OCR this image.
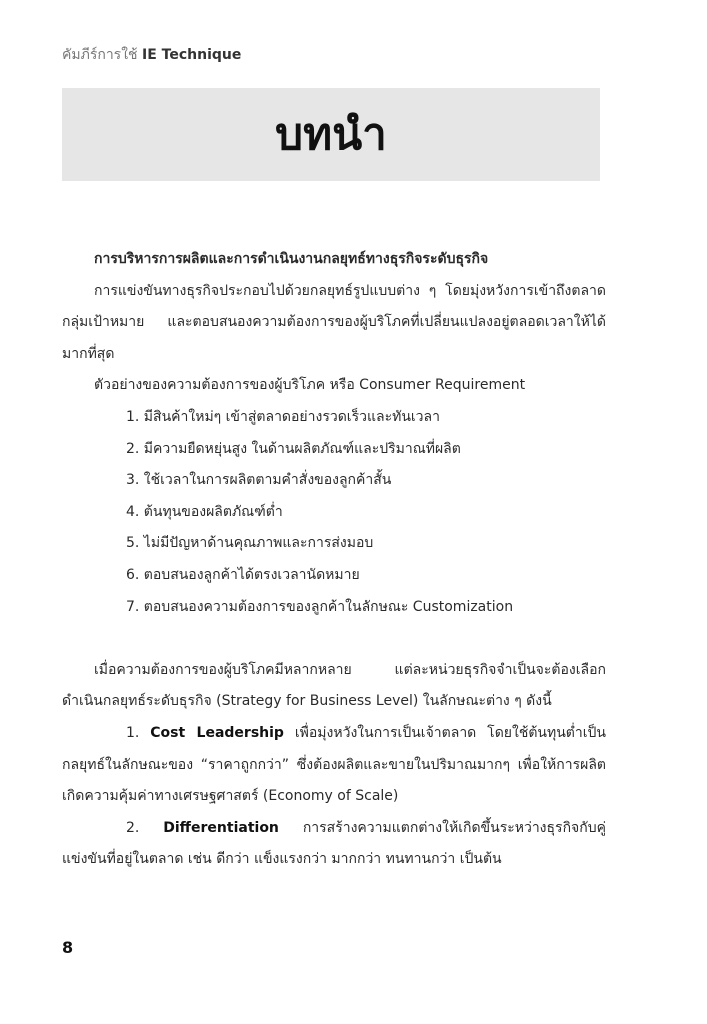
คัมภีร์การใช้ IE Technique
บทนำ

การบริหารการผลิตและการดำเนินงานกลยุทธ์ทางธุรกิจระดับธุรกิจ

การแข่งขันทางธุรกิจประกอบไปด้วยกลยุทธ์รูปแบบต่าง ๆ โดยมุ่งหวังการเข้าถึงตลาดกลุ่มเป้าหมาย และตอบสนองความต้องการของผู้บริโภคที่เปลี่ยนแปลงอยู่ตลอดเวลาให้ได้มากที่สุด

ตัวอย่างของความต้องการของผู้บริโภค หรือ Consumer Requirement

1. มีสินค้าใหม่ๆ เข้าสู่ตลาดอย่างรวดเร็วและทันเวลา

2. มีความยืดหยุ่นสูง ในด้านผลิตภัณฑ์และปริมาณที่ผลิต

3. ใช้เวลาในการผลิตตามคำสั่งของลูกค้าสั้น

4. ต้นทุนของผลิตภัณฑ์ต่ำ

5. ไม่มีปัญหาด้านคุณภาพและการส่งมอบ

6. ตอบสนองลูกค้าได้ตรงเวลานัดหมาย

7. ตอบสนองความต้องการของลูกค้าในลักษณะ Customization

เมื่อความต้องการของผู้บริโภคมีหลากหลาย แต่ละหน่วยธุรกิจจำเป็นจะต้องเลือกดำเนินกลยุทธ์ระดับธุรกิจ (Strategy for Business Level) ในลักษณะต่าง ๆ ดังนี้

1. Cost Leadership เพื่อมุ่งหวังในการเป็นเจ้าตลาด โดยใช้ต้นทุนต่ำเป็นกลยุทธ์ในลักษณะของ “ราคาถูกกว่า” ซึ่งต้องผลิตและขายในปริมาณมากๆ เพื่อให้การผลิตเกิดความคุ้มค่าทางเศรษฐศาสตร์ (Economy of Scale)

2. Differentiation การสร้างความแตกต่างให้เกิดขึ้นระหว่างธุรกิจกับคู่แข่งขันที่อยู่ในตลาด เช่น ดีกว่า แข็งแรงกว่า มากกว่า ทนทานกว่า เป็นต้น

8
